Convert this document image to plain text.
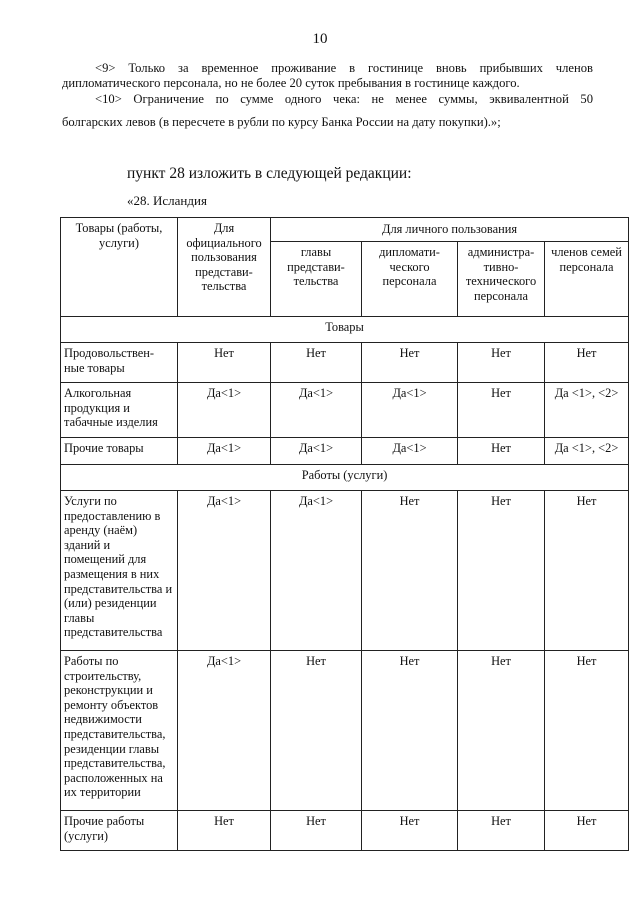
10
<9> Только за временное проживание в гостинице вновь прибывших членов
дипломатического персонала, но не более 20 суток пребывания в гостинице каждого.
<10> Ограничение по сумме одного чека: не менее суммы, эквивалентной 50
болгарских левов (в пересчете в рубли по курсу Банка России на дату покупки).»;
пункт 28 изложить в следующей редакции:
«28. Исландия
Товары (работы, услуги)	Для официального пользования представи-тельства	Для личного пользования			
		главы представи-тельства	дипломати-ческого персонала	администра-тивно-технического персонала	членов семей персонала
Товары					
Продовольствен-ные товары	Нет	Нет	Нет	Нет	Нет
Алкогольная продукция и табачные изделия	Да<1>	Да<1>	Да<1>	Нет	Да <1>, <2>
Прочие товары	Да<1>	Да<1>	Да<1>	Нет	Да <1>, <2>
Работы (услуги)					
Услуги по предоставлению в аренду (наём) зданий и помещений для размещения в них представительства и (или) резиденции главы представительства	Да<1>	Да<1>	Нет	Нет	Нет
Работы по строительству, реконструкции и ремонту объектов недвижимости представительства, резиденции главы представительства, расположенных на их территории	Да<1>	Нет	Нет	Нет	Нет
Прочие работы (услуги)	Нет	Нет	Нет	Нет	Нет
